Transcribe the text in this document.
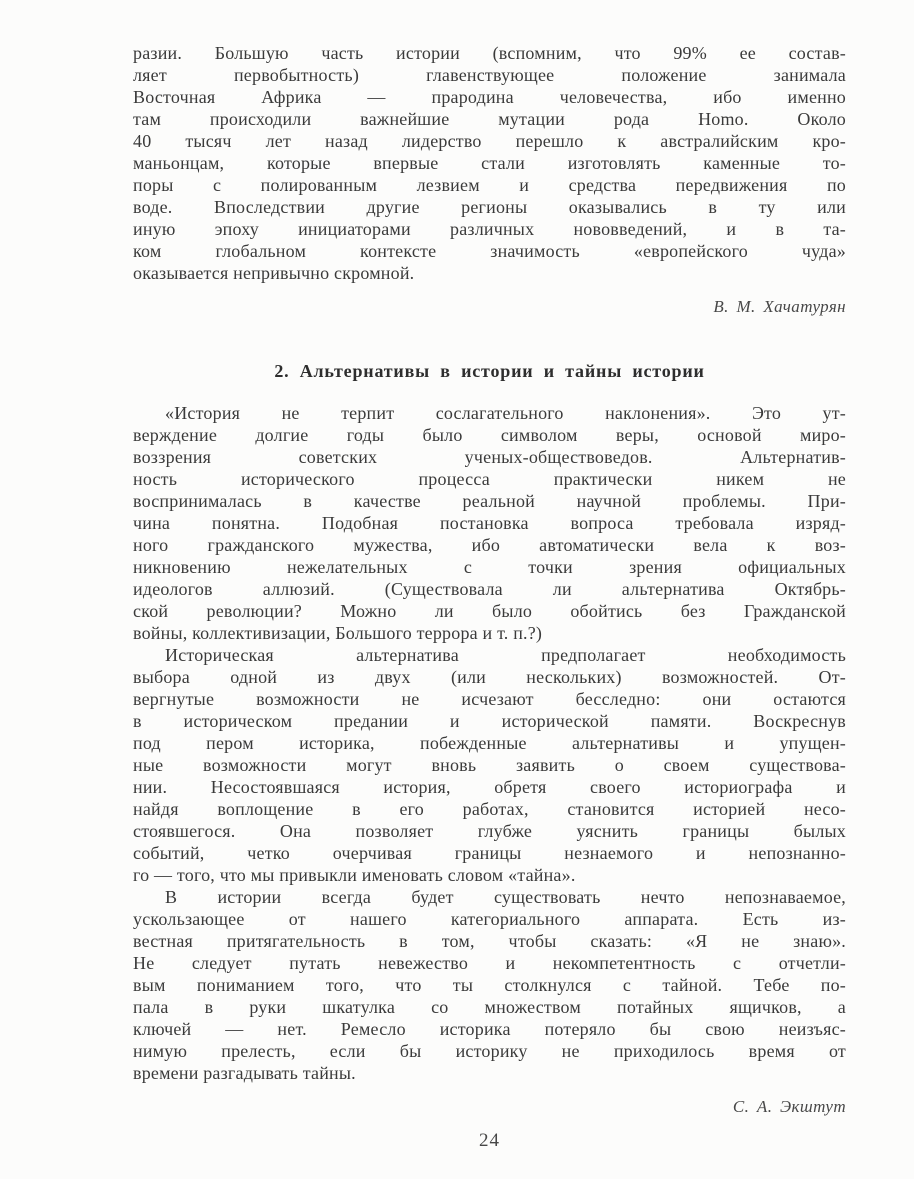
разии. Большую часть истории (вспомним, что 99% ее состав-
ляет первобытность) главенствующее положение занимала
Восточная Африка — прародина человечества, ибо именно
там происходили важнейшие мутации рода Homo. Около
40 тысяч лет назад лидерство перешло к австралийским кро-
маньонцам, которые впервые стали изготовлять каменные то-
поры с полированным лезвием и средства передвижения по
воде. Впоследствии другие регионы оказывались в ту или
иную эпоху инициаторами различных нововведений, и в та-
ком глобальном контексте значимость «европейского чуда»
оказывается непривычно скромной.
В. М. Хачатурян
2. Альтернативы в истории и тайны истории
«История не терпит сослагательного наклонения». Это ут-
верждение долгие годы было символом веры, основой миро-
воззрения советских ученых-обществоведов. Альтернатив-
ность исторического процесса практически никем не
воспринималась в качестве реальной научной проблемы. При-
чина понятна. Подобная постановка вопроса требовала изряд-
ного гражданского мужества, ибо автоматически вела к воз-
никновению нежелательных с точки зрения официальных
идеологов аллюзий. (Существовала ли альтернатива Октябрь-
ской революции? Можно ли было обойтись без Гражданской
войны, коллективизации, Большого террора и т. п.?)
Историческая альтернатива предполагает необходимость
выбора одной из двух (или нескольких) возможностей. От-
вергнутые возможности не исчезают бесследно: они остаются
в историческом предании и исторической памяти. Воскреснув
под пером историка, побежденные альтернативы и упущен-
ные возможности могут вновь заявить о своем существова-
нии. Несостоявшаяся история, обретя своего историографа и
найдя воплощение в его работах, становится историей несо-
стоявшегося. Она позволяет глубже уяснить границы былых
событий, четко очерчивая границы незнаемого и непознанно-
го — того, что мы привыкли именовать словом «тайна».
В истории всегда будет существовать нечто непознаваемое,
ускользающее от нашего категориального аппарата. Есть из-
вестная притягательность в том, чтобы сказать: «Я не знаю».
Не следует путать невежество и некомпетентность с отчетли-
вым пониманием того, что ты столкнулся с тайной. Тебе по-
пала в руки шкатулка со множеством потайных ящичков, а
ключей — нет. Ремесло историка потеряло бы свою неизъяс-
нимую прелесть, если бы историку не приходилось время от
времени разгадывать тайны.
С. А. Экштут
24
